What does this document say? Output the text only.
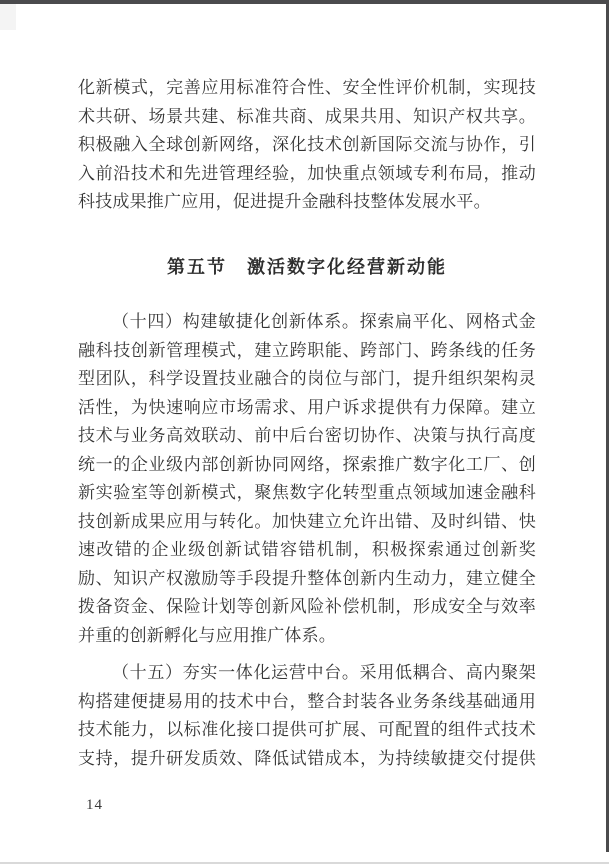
化新模式，完善应用标准符合性、安全性评价机制，实现技
术共研、场景共建、标准共商、成果共用、知识产权共享。
积极融入全球创新网络，深化技术创新国际交流与协作，引
入前沿技术和先进管理经验，加快重点领域专利布局，推动
科技成果推广应用，促进提升金融科技整体发展水平。
第五节　激活数字化经营新动能
（十四）构建敏捷化创新体系。探索扁平化、网格式金
融科技创新管理模式，建立跨职能、跨部门、跨条线的任务
型团队，科学设置技业融合的岗位与部门，提升组织架构灵
活性，为快速响应市场需求、用户诉求提供有力保障。建立
技术与业务高效联动、前中后台密切协作、决策与执行高度
统一的企业级内部创新协同网络，探索推广数字化工厂、创
新实验室等创新模式，聚焦数字化转型重点领域加速金融科
技创新成果应用与转化。加快建立允许出错、及时纠错、快
速改错的企业级创新试错容错机制，积极探索通过创新奖
励、知识产权激励等手段提升整体创新内生动力，建立健全
拨备资金、保险计划等创新风险补偿机制，形成安全与效率
并重的创新孵化与应用推广体系。
（十五）夯实一体化运营中台。采用低耦合、高内聚架
构搭建便捷易用的技术中台，整合封装各业务条线基础通用
技术能力，以标准化接口提供可扩展、可配置的组件式技术
支持，提升研发质效、降低试错成本，为持续敏捷交付提供
14
